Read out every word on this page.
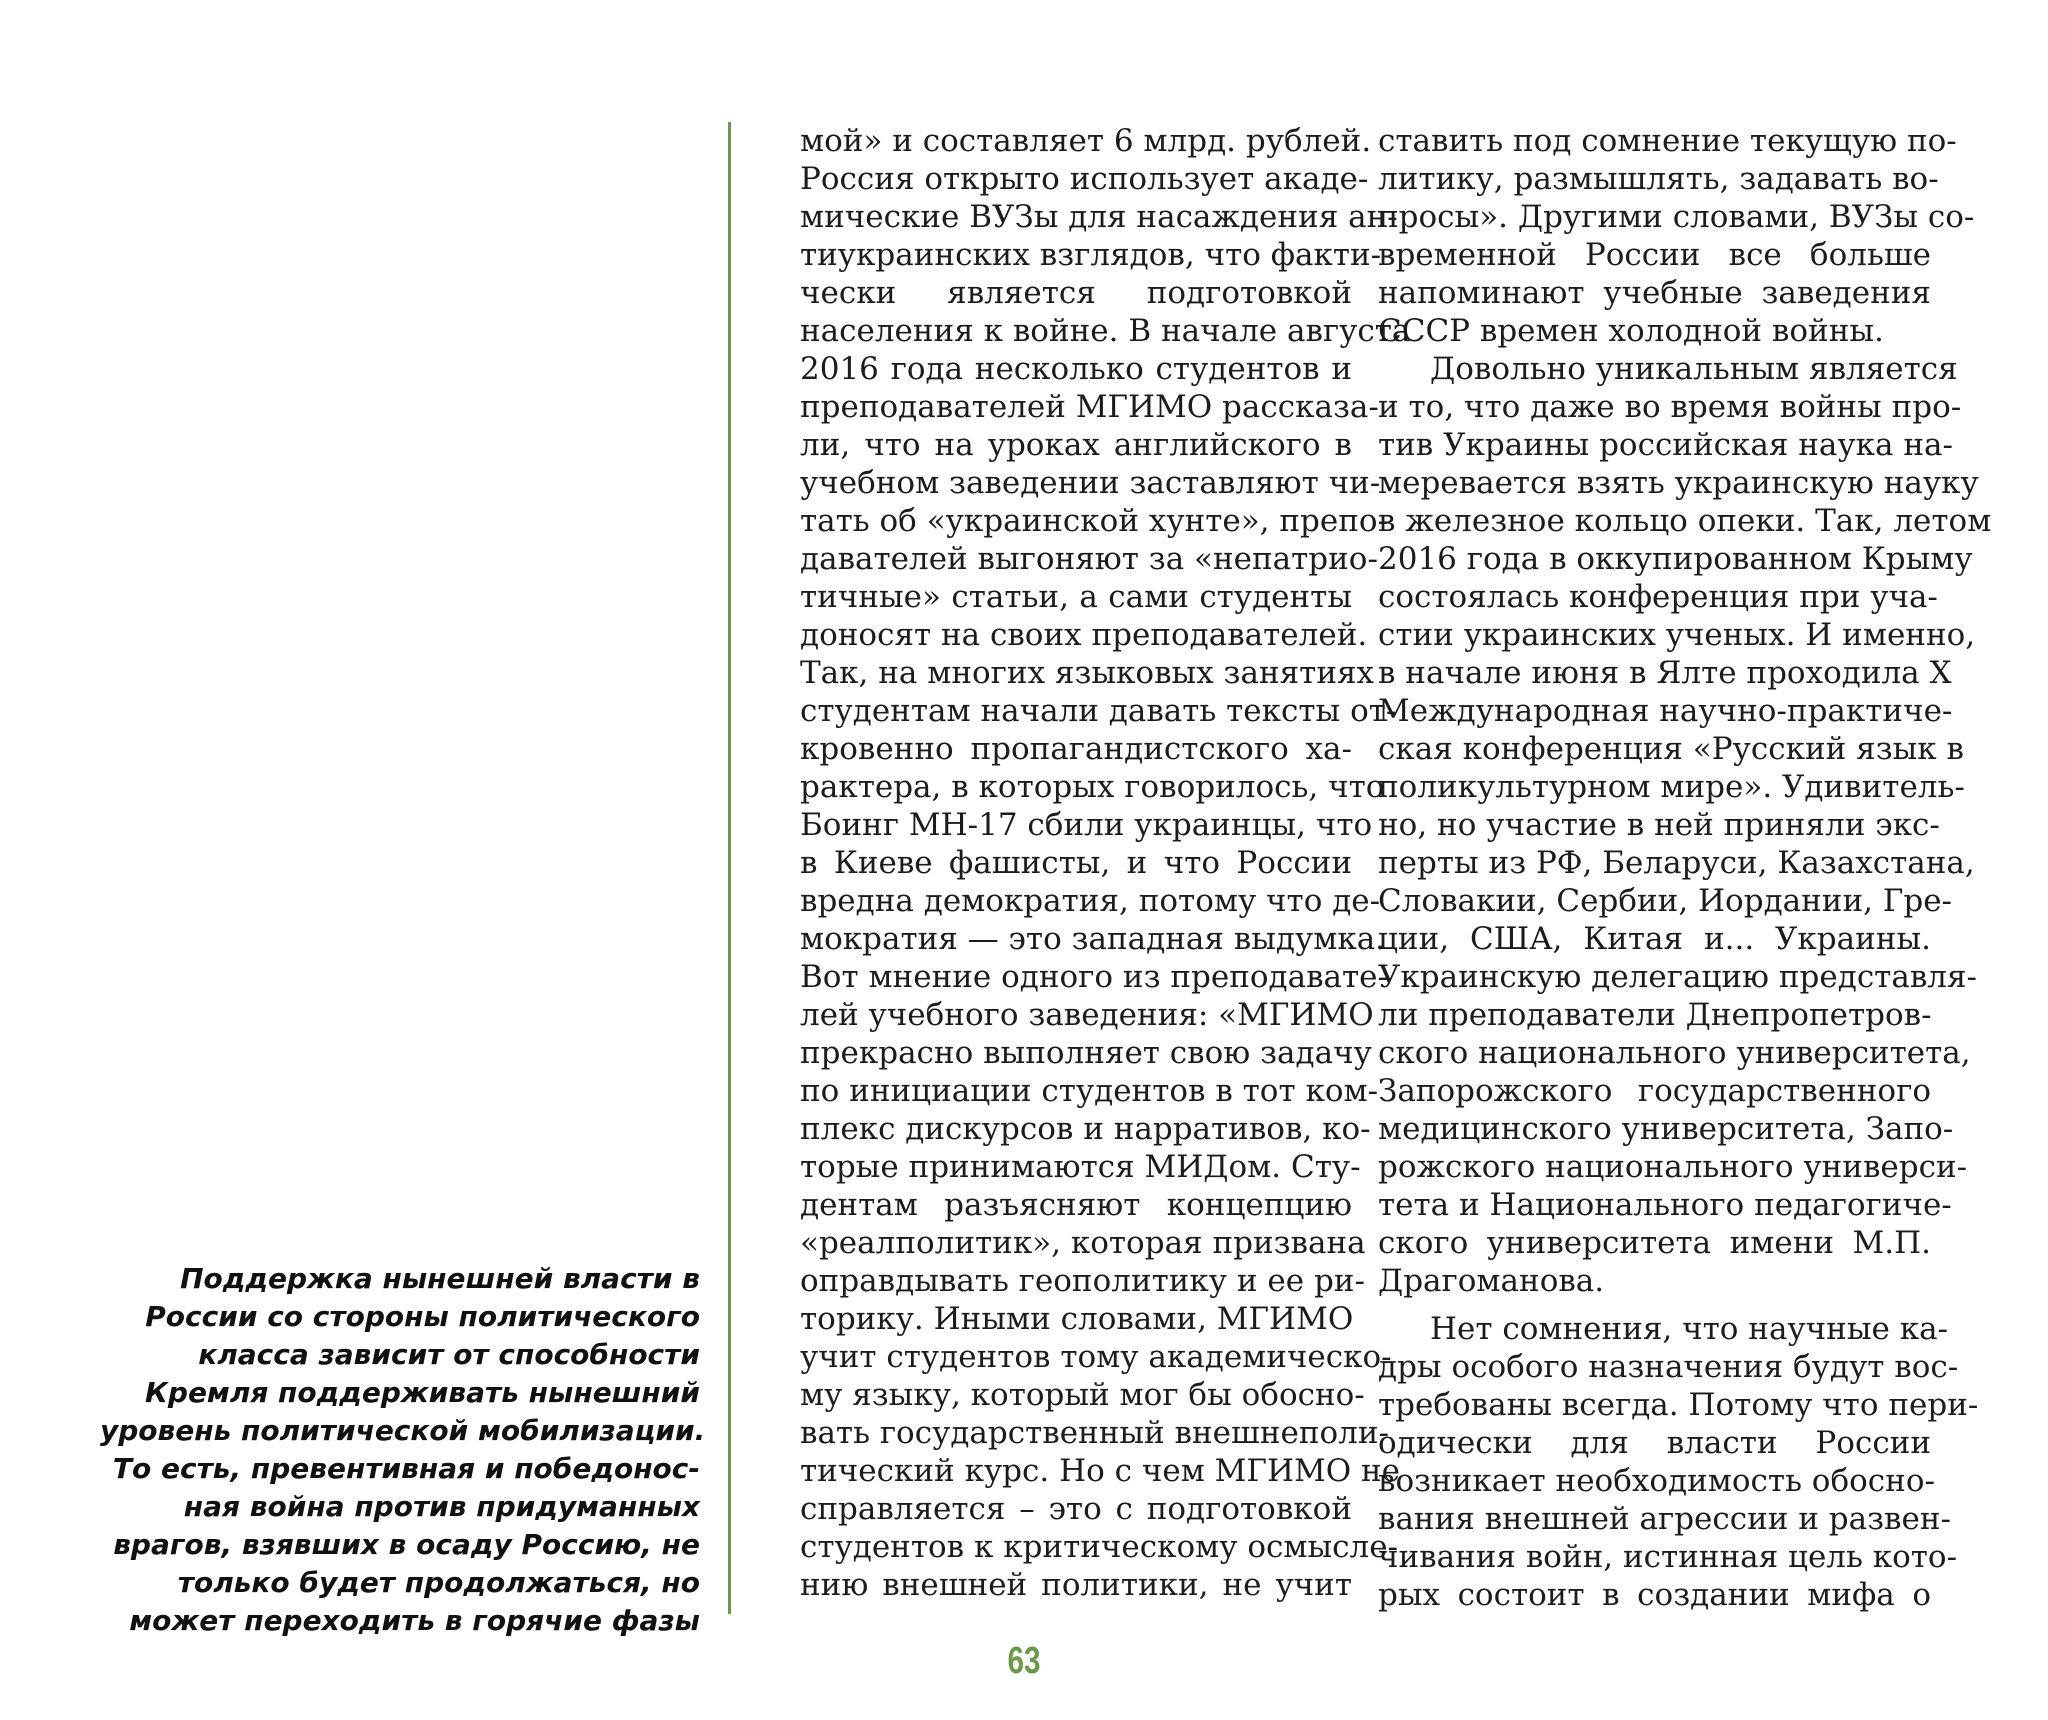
Поддержка нынешней власти в
России со стороны политического
класса зависит от способности
Кремля поддерживать нынешний
уровень политической мобилизации.
То есть, превентивная и победонос-
ная война против придуманных
врагов, взявших в осаду Россию, не
только будет продолжаться, но
может переходить в горячие фазы
мой» и составляет 6 млрд. рублей.
Россия открыто использует акаде-
мические ВУЗы для насаждения ан-
тиукраинских взглядов, что факти-
чески является подготовкой
населения к войне. В начале августа
2016 года несколько студентов и
преподавателей МГИМО рассказа-
ли, что на уроках английского в
учебном заведении заставляют чи-
тать об «украинской хунте», препо-
давателей выгоняют за «непатрио-
тичные» статьи, а сами студенты
доносят на своих преподавателей.
Так, на многих языковых занятиях
студентам начали давать тексты от-
кровенно пропагандистского ха-
рактера, в которых говорилось, что
Боинг МН-17 сбили украинцы, что
в Киеве фашисты, и что России
вредна демократия, потому что де-
мократия — это западная выдумка.
Вот мнение одного из преподавате-
лей учебного заведения: «МГИМО
прекрасно выполняет свою задачу
по инициации студентов в тот ком-
плекс дискурсов и нарративов, ко-
торые принимаются МИДом. Сту-
дентам разъясняют концепцию
«реалполитик», которая призвана
оправдывать геополитику и ее ри-
торику. Иными словами, МГИМО
учит студентов тому академическо-
му языку, который мог бы обосно-
вать государственный внешнеполи-
тический курс. Но с чем МГИМО не
справляется – это с подготовкой
студентов к критическому осмысле-
нию внешней политики, не учит
ставить под сомнение текущую по-
литику, размышлять, задавать во-
просы». Другими словами, ВУЗы со-
временной России все больше
напоминают учебные заведения
СССР времен холодной войны.
Довольно уникальным является
и то, что даже во время войны про-
тив Украины российская наука на-
меревается взять украинскую науку
в железное кольцо опеки. Так, летом
2016 года в оккупированном Крыму
состоялась конференция при уча-
стии украинских ученых. И именно,
в начале июня в Ялте проходила X
Международная научно-практиче-
ская конференция «Русский язык в
поликультурном мире». Удивитель-
но, но участие в ней приняли экс-
перты из РФ, Беларуси, Казахстана,
Словакии, Сербии, Иордании, Гре-
ции, США, Китая и... Украины.
Украинскую делегацию представля-
ли преподаватели Днепропетров-
ского национального университета,
Запорожского государственного
медицинского университета, Запо-
рожского национального универси-
тета и Национального педагогиче-
ского университета имени М.П.
Драгоманова.
Нет сомнения, что научные ка-
дры особого назначения будут вос-
требованы всегда. Потому что пери-
одически для власти России
возникает необходимость обосно-
вания внешней агрессии и развен-
чивания войн, истинная цель кото-
рых состоит в создании мифа о
63
